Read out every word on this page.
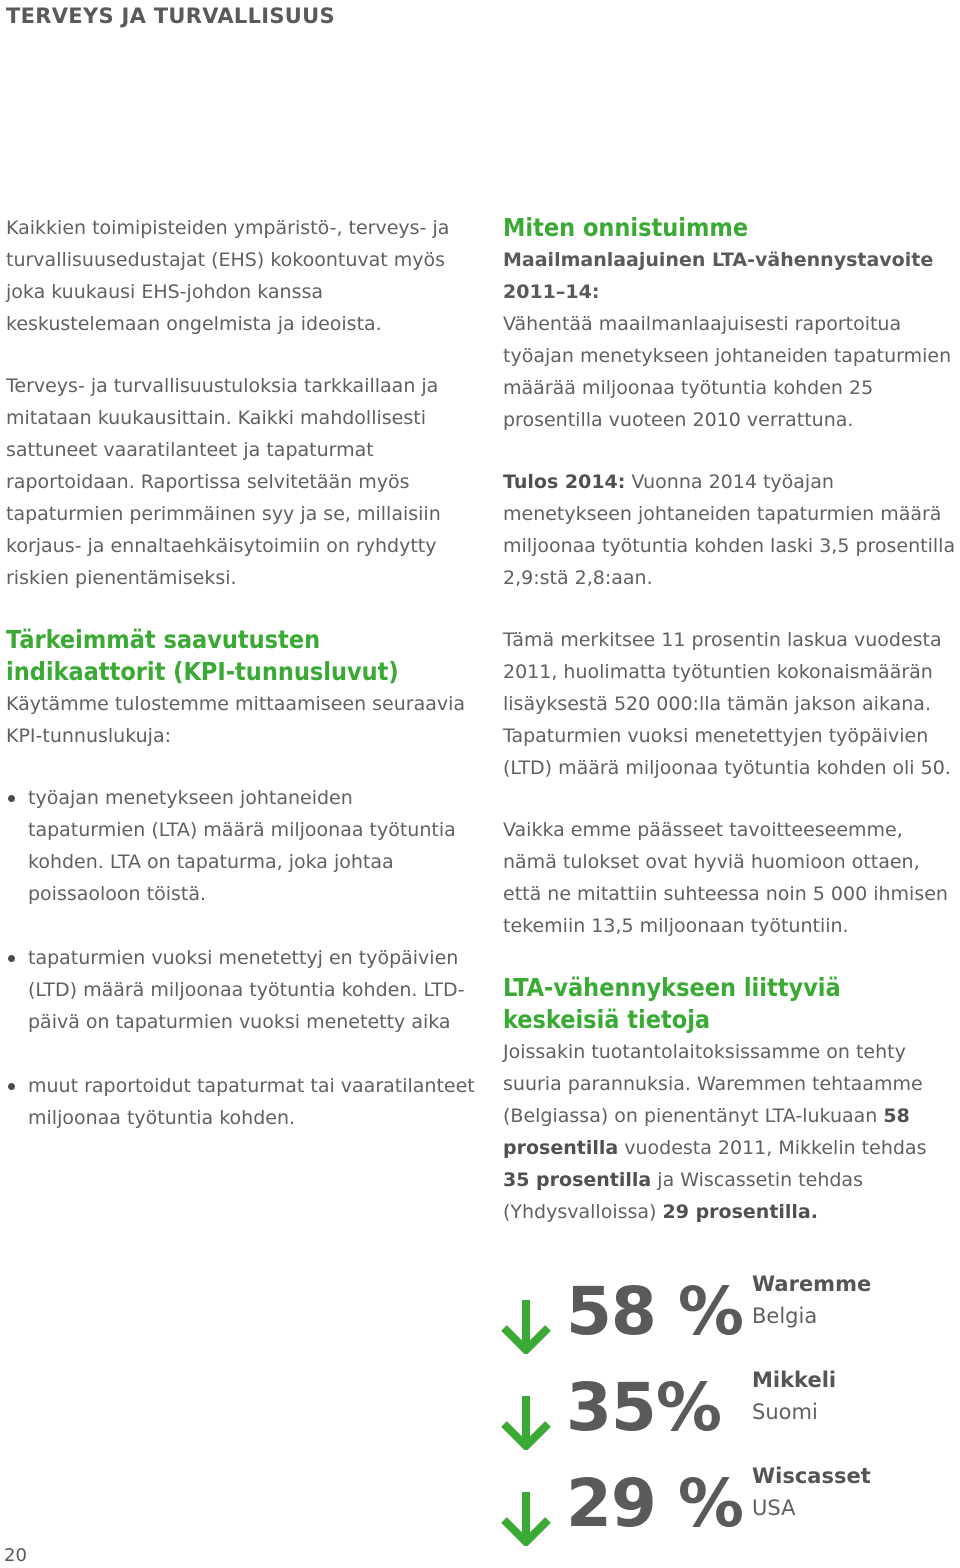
TERVEYS JA TURVALLISUUS

Kaikkien toimipisteiden ympäristö-, terveys- ja turvallisuusedustajat (EHS) kokoontuvat myös joka kuukausi EHS-johdon kanssa keskustelemaan ongelmista ja ideoista.

Terveys- ja turvallisuustuloksia tarkkaillaan ja mitataan kuukausittain. Kaikki mahdollisesti sattuneet vaaratilanteet ja tapaturmat raportoidaan. Raportissa selvitetään myös tapaturmien perimmäinen syy ja se, millaisiin korjaus- ja ennaltaehkäisytoimiin on ryhdytty riskien pienentämiseksi.

Tärkeimmät saavutusten indikaattorit (KPI-tunnusluvut)

Käytämme tulostemme mittaamiseen seuraavia KPI-tunnuslukuja:

työajan menetykseen johtaneiden tapaturmien (LTA) määrä miljoonaa työtuntia kohden. LTA on tapaturma, joka johtaa poissaoloon töistä.
tapaturmien vuoksi menetettyj en työpäivien (LTD) määrä miljoonaa työtuntia kohden. LTD-päivä on tapaturmien vuoksi menetetty aika
muut raportoidut tapaturmat tai vaaratilanteet miljoonaa työtuntia kohden.

Miten onnistuimme

Maailmanlaajuinen LTA-vähennystavoite 2011–14:

Vähentää maailmanlaajuisesti raportoitua työajan menetykseen johtaneiden tapaturmien määrää miljoonaa työtuntia kohden 25 prosentilla vuoteen 2010 verrattuna.

Tulos 2014: Vuonna 2014 työajan menetykseen johtaneiden tapaturmien määrä miljoonaa työtuntia kohden laski 3,5 prosentilla 2,9:stä 2,8:aan.

Tämä merkitsee 11 prosentin laskua vuodesta 2011, huolimatta työtuntien kokonaismäärän lisäyksestä 520 000:lla tämän jakson aikana. Tapaturmien vuoksi menetettyjen työpäivien (LTD) määrä miljoonaa työtuntia kohden oli 50.

Vaikka emme päässeet tavoitteeseemme, nämä tulokset ovat hyviä huomioon ottaen, että ne mitattiin suhteessa noin 5 000 ihmisen tekemiin 13,5 miljoonaan työtuntiin.

LTA-vähennykseen liittyviä keskeisiä tietoja

Joissakin tuotantolaitoksissamme on tehty suuria parannuksia. Waremmen tehtaamme (Belgiassa) on pienentänyt LTA-lukuaan 58 prosentilla vuodesta 2011, Mikkelin tehdas 35 prosentilla ja Wiscassetin tehdas (Yhdysvalloissa) 29 prosentilla.

58 % Waremme
Belgia
35% Mikkeli
Suomi
29 % Wiscasset
USA
20
